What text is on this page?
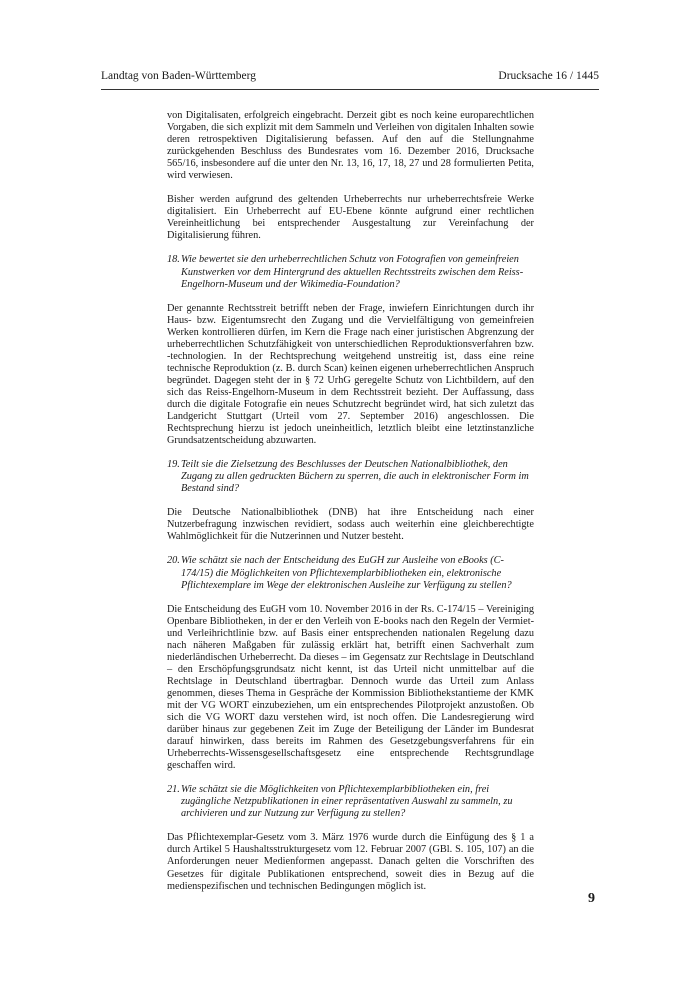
Landtag von Baden-Württemberg	Drucksache 16 / 1445

von Digitalisaten, erfolgreich eingebracht. Derzeit gibt es noch keine europarechtlichen Vorgaben, die sich explizit mit dem Sammeln und Verleihen von digitalen Inhalten sowie deren retrospektiven Digitalisierung befassen. Auf den auf die Stellungnahme zurückgehenden Beschluss des Bundesrates vom 16. Dezember 2016, Drucksache 565/16, insbesondere auf die unter den Nr. 13, 16, 17, 18, 27 und 28 formulierten Petita, wird verwiesen.

Bisher werden aufgrund des geltenden Urheberrechts nur urheberrechtsfreie Werke digitalisiert. Ein Urheberrecht auf EU-Ebene könnte aufgrund einer rechtlichen Vereinheitlichung bei entsprechender Ausgestaltung zur Vereinfachung der Digitalisierung führen.

18. Wie bewertet sie den urheberrechtlichen Schutz von Fotografien von gemeinfreien Kunstwerken vor dem Hintergrund des aktuellen Rechtsstreits zwischen dem Reiss-Engelhorn-Museum und der Wikimedia-Foundation?

Der genannte Rechtsstreit betrifft neben der Frage, inwiefern Einrichtungen durch ihr Haus- bzw. Eigentumsrecht den Zugang und die Vervielfältigung von gemeinfreien Werken kontrollieren dürfen, im Kern die Frage nach einer juristischen Abgrenzung der urheberrechtlichen Schutzfähigkeit von unterschiedlichen Reproduktionsverfahren bzw. -technologien. In der Rechtsprechung weitgehend unstreitig ist, dass eine reine technische Reproduktion (z. B. durch Scan) keinen eigenen urheberrechtlichen Anspruch begründet. Dagegen steht der in § 72 UrhG geregelte Schutz von Lichtbildern, auf den sich das Reiss-Engelhorn-Museum in dem Rechtsstreit bezieht. Der Auffassung, dass durch die digitale Fotografie ein neues Schutzrecht begründet wird, hat sich zuletzt das Landgericht Stuttgart (Urteil vom 27. September 2016) angeschlossen. Die Rechtsprechung hierzu ist jedoch uneinheitlich, letztlich bleibt eine letztinstanzliche Grundsatzentscheidung abzuwarten.

19. Teilt sie die Zielsetzung des Beschlusses der Deutschen Nationalbibliothek, den Zugang zu allen gedruckten Büchern zu sperren, die auch in elektronischer Form im Bestand sind?

Die Deutsche Nationalbibliothek (DNB) hat ihre Entscheidung nach einer Nutzerbefragung inzwischen revidiert, sodass auch weiterhin eine gleichberechtigte Wahlmöglichkeit für die Nutzerinnen und Nutzer besteht.

20. Wie schätzt sie nach der Entscheidung des EuGH zur Ausleihe von eBooks (C-174/15) die Möglichkeiten von Pflichtexemplarbibliotheken ein, elektronische Pflichtexemplare im Wege der elektronischen Ausleihe zur Verfügung zu stellen?

Die Entscheidung des EuGH vom 10. November 2016 in der Rs. C-174/15 – Vereiniging Openbare Bibliotheken, in der er den Verleih von E-books nach den Regeln der Vermiet- und Verleihrichtlinie bzw. auf Basis einer entsprechenden nationalen Regelung dazu nach näheren Maßgaben für zulässig erklärt hat, betrifft einen Sachverhalt zum niederländischen Urheberrecht. Da dieses – im Gegensatz zur Rechtslage in Deutschland – den Erschöpfungsgrundsatz nicht kennt, ist das Urteil nicht unmittelbar auf die Rechtslage in Deutschland übertragbar. Dennoch wurde das Urteil zum Anlass genommen, dieses Thema in Gespräche der Kommission Bibliothekstantieme der KMK mit der VG WORT einzubeziehen, um ein entsprechendes Pilotprojekt anzustoßen. Ob sich die VG WORT dazu verstehen wird, ist noch offen. Die Landesregierung wird darüber hinaus zur gegebenen Zeit im Zuge der Beteiligung der Länder im Bundesrat darauf hinwirken, dass bereits im Rahmen des Gesetzgebungsverfahrens für ein Urheberrechts-Wissensgesellschaftsgesetz eine entsprechende Rechtsgrundlage geschaffen wird.

21. Wie schätzt sie die Möglichkeiten von Pflichtexemplarbibliotheken ein, frei zugängliche Netzpublikationen in einer repräsentativen Auswahl zu sammeln, zu archivieren und zur Nutzung zur Verfügung zu stellen?

Das Pflichtexemplar-Gesetz vom 3. März 1976 wurde durch die Einfügung des § 1 a durch Artikel 5 Haushaltsstrukturgesetz vom 12. Februar 2007 (GBl. S. 105, 107) an die Anforderungen neuer Medienformen angepasst. Danach gelten die Vorschriften des Gesetzes für digitale Publikationen entsprechend, soweit dies in Bezug auf die medienspezifischen und technischen Bedingungen möglich ist.

9
